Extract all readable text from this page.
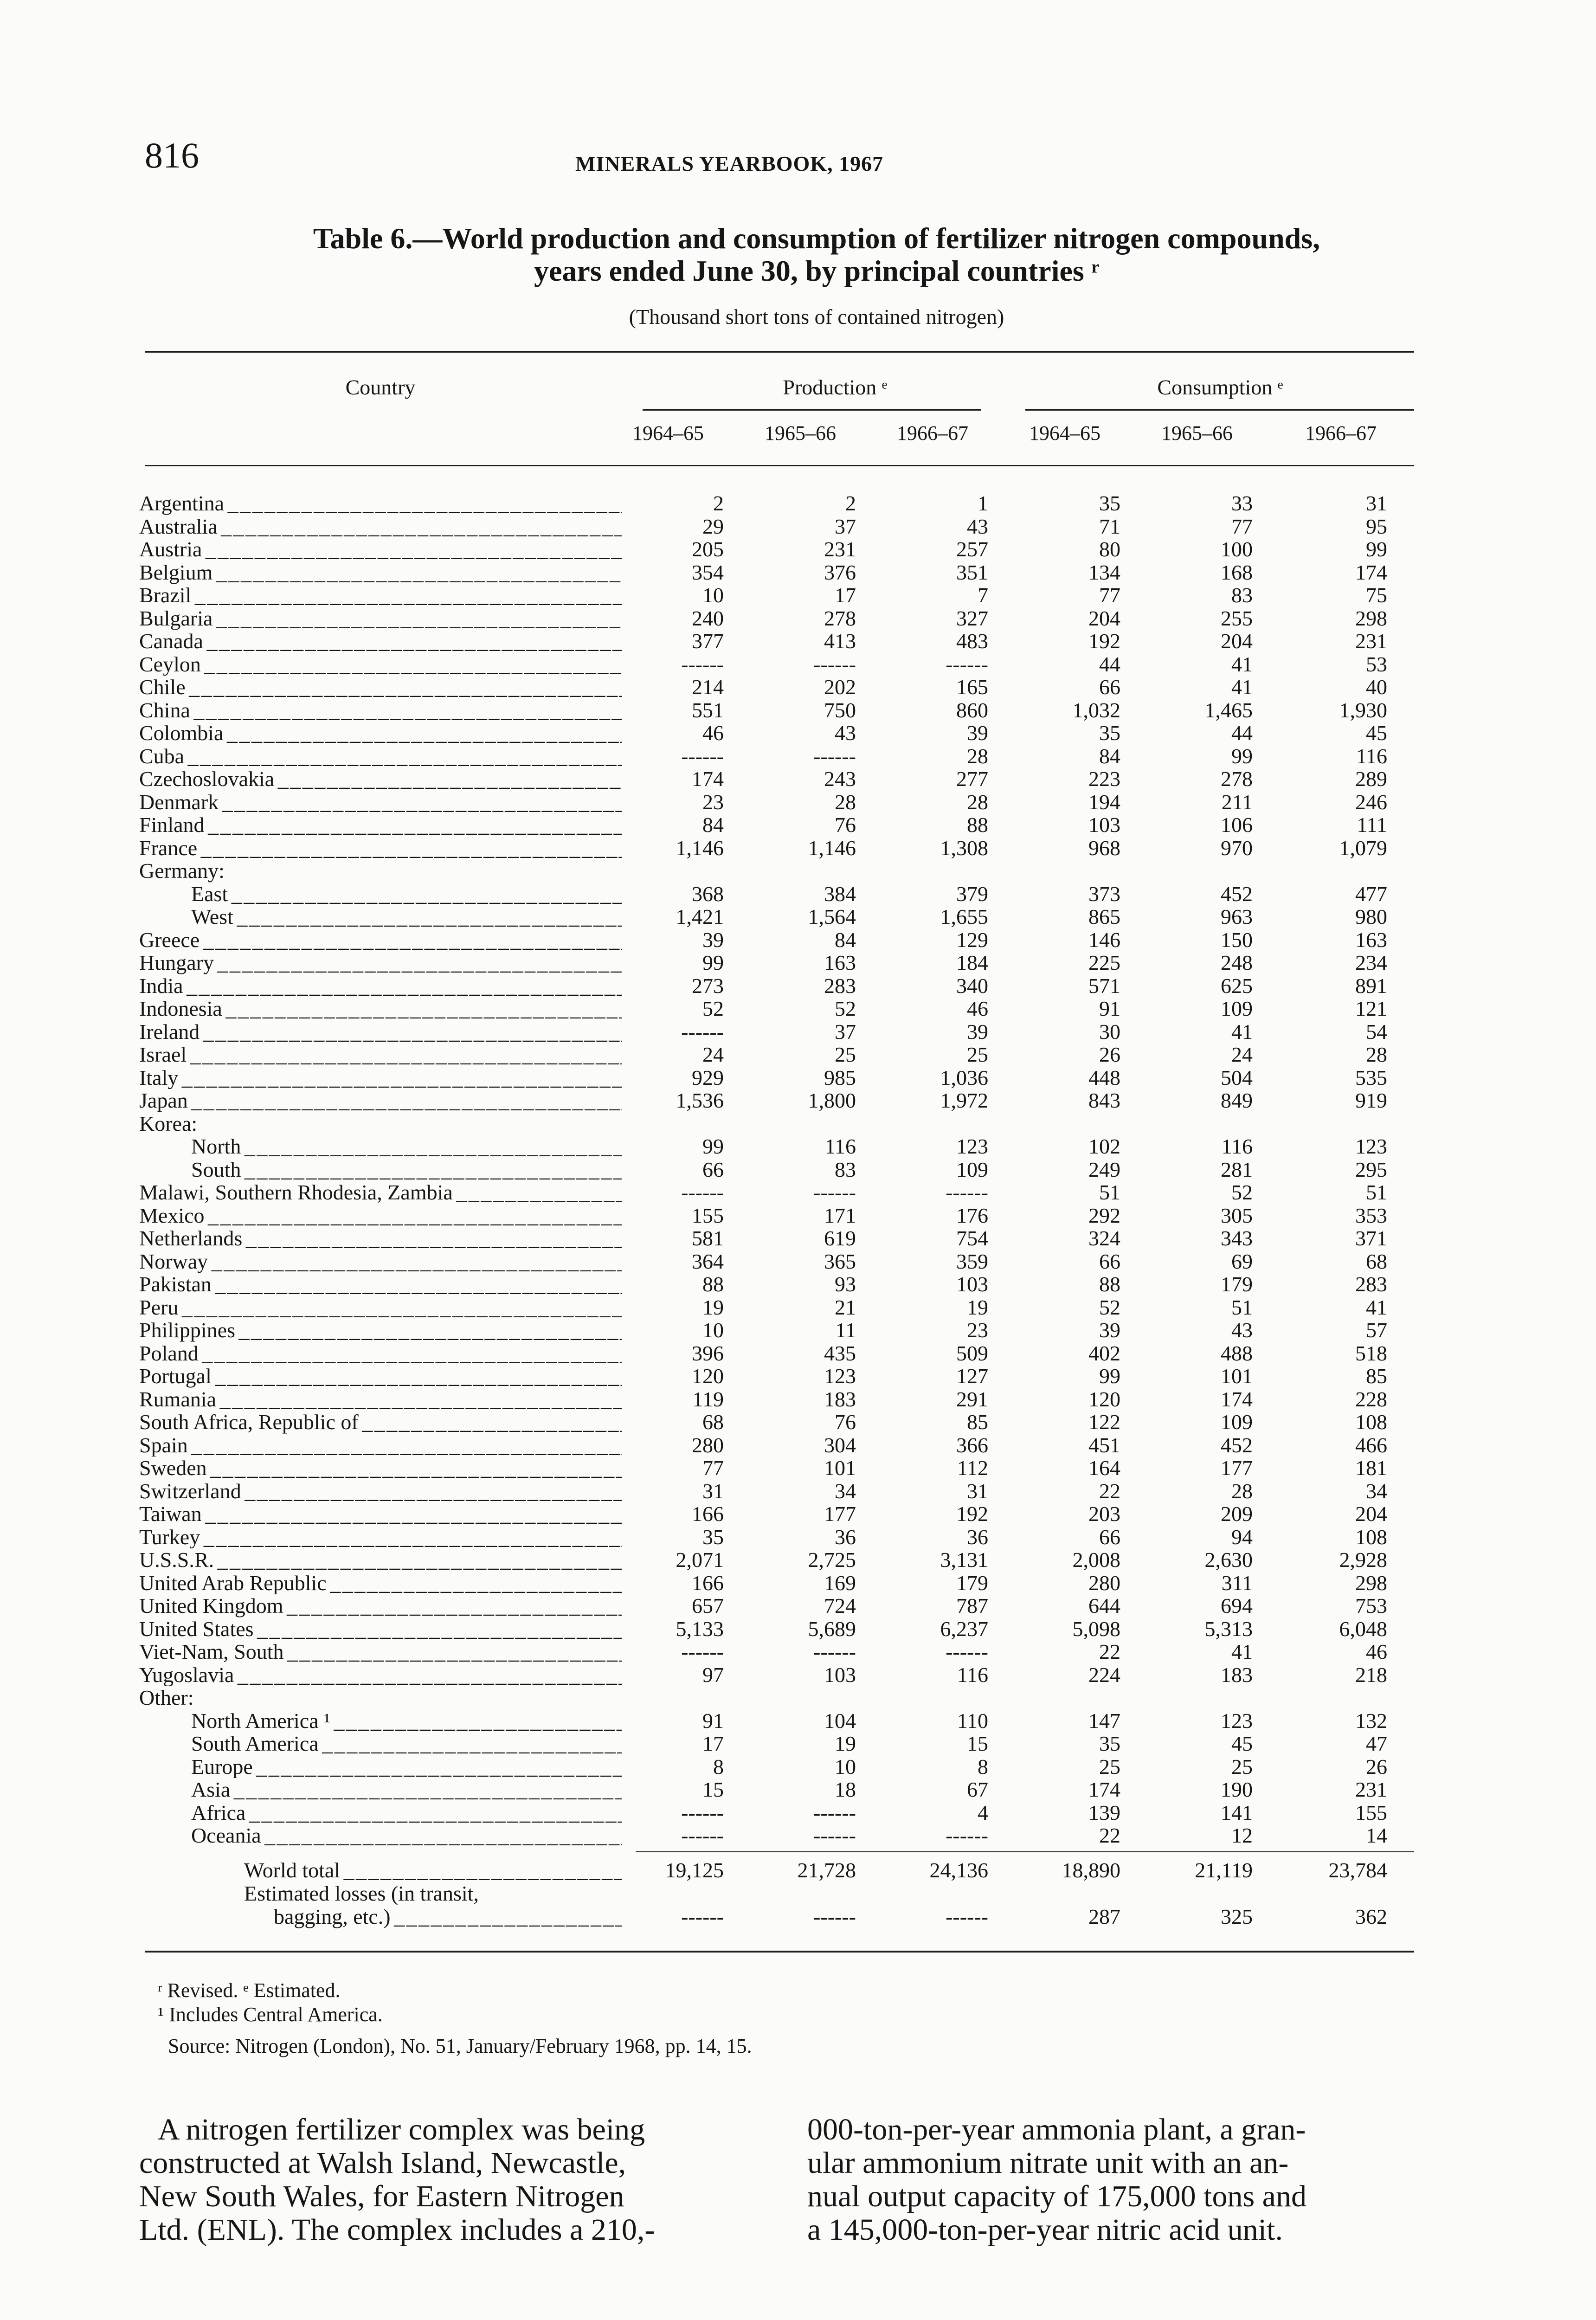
816	MINERALS YEARBOOK, 1967
Table 6.—World production and consumption of fertilizer nitrogen compounds,
years ended June 30, by principal countries ʳ
(Thousand short tons of contained nitrogen)
Country	Production ᵉ	Consumption ᵉ
1964–65	1965–66	1966–67	1964–65	1965–66	1966–67
Argentina _ _ _	2	2	1	35	33	31
Australia _ _ _	29	37	43	71	77	95
Austria _ _ _	205	231	257	80	100	99
Belgium _ _ _	354	376	351	134	168	174
Brazil _ _ _	10	17	7	77	83	75
Bulgaria _ _ _	240	278	327	204	255	298
Canada _ _ _	377	413	483	192	204	231
Ceylon _ _ _	------	------	------	44	41	53
Chile _ _ _	214	202	165	66	41	40
China _ _ _	551	750	860	1,032	1,465	1,930
Colombia _ _ _	46	43	39	35	44	45
Cuba _ _ _	------	------	28	84	99	116
Czechoslovakia _ _ _	174	243	277	223	278	289
Denmark _ _ _	23	28	28	194	211	246
Finland _ _ _	84	76	88	103	106	111
France _ _ _	1,146	1,146	1,308	968	970	1,079
Germany:
East _ _ _	368	384	379	373	452	477
West _ _ _	1,421	1,564	1,655	865	963	980
Greece _ _ _	39	84	129	146	150	163
Hungary _ _ _	99	163	184	225	248	234
India _ _ _	273	283	340	571	625	891
Indonesia _ _ _	52	52	46	91	109	121
Ireland _ _ _	------	37	39	30	41	54
Israel _ _ _	24	25	25	26	24	28
Italy _ _ _	929	985	1,036	448	504	535
Japan _ _ _	1,536	1,800	1,972	843	849	919
Korea:
North _ _ _	99	116	123	102	116	123
South _ _ _	66	83	109	249	281	295
Malawi, Southern Rhodesia, Zambia _ _ _	------	------	------	51	52	51
Mexico _ _ _	155	171	176	292	305	353
Netherlands _ _ _	581	619	754	324	343	371
Norway _ _ _	364	365	359	66	69	68
Pakistan _ _ _	88	93	103	88	179	283
Peru _ _ _	19	21	19	52	51	41
Philippines _ _ _	10	11	23	39	43	57
Poland _ _ _	396	435	509	402	488	518
Portugal _ _ _	120	123	127	99	101	85
Rumania _ _ _	119	183	291	120	174	228
South Africa, Republic of _ _ _	68	76	85	122	109	108
Spain _ _ _	280	304	366	451	452	466
Sweden _ _ _	77	101	112	164	177	181
Switzerland _ _ _	31	34	31	22	28	34
Taiwan _ _ _	166	177	192	203	209	204
Turkey _ _ _	35	36	36	66	94	108
U.S.S.R. _ _ _	2,071	2,725	3,131	2,008	2,630	2,928
United Arab Republic _ _ _	166	169	179	280	311	298
United Kingdom _ _ _	657	724	787	644	694	753
United States _ _ _	5,133	5,689	6,237	5,098	5,313	6,048
Viet-Nam, South _ _ _	------	------	------	22	41	46
Yugoslavia _ _ _	97	103	116	224	183	218
Other:
North America ¹ _ _ _	91	104	110	147	123	132
South America _ _ _	17	19	15	35	45	47
Europe _ _ _	8	10	8	25	25	26
Asia _ _ _	15	18	67	174	190	231
Africa _ _ _	------	------	4	139	141	155
Oceania _ _ _	------	------	------	22	12	14
World total _ _ _	19,125	21,728	24,136	18,890	21,119	23,784
Estimated losses (in transit,
bagging, etc.) _ _ _	------	------	------	287	325	362
ʳ Revised. ᵉ Estimated.
¹ Includes Central America.
Source: Nitrogen (London), No. 51, January/February 1968, pp. 14, 15.
A nitrogen fertilizer complex was being
constructed at Walsh Island, Newcastle,
New South Wales, for Eastern Nitrogen
Ltd. (ENL). The complex includes a 210,-
000-ton-per-year ammonia plant, a gran-
ular ammonium nitrate unit with an an-
nual output capacity of 175,000 tons and
a 145,000-ton-per-year nitric acid unit.
